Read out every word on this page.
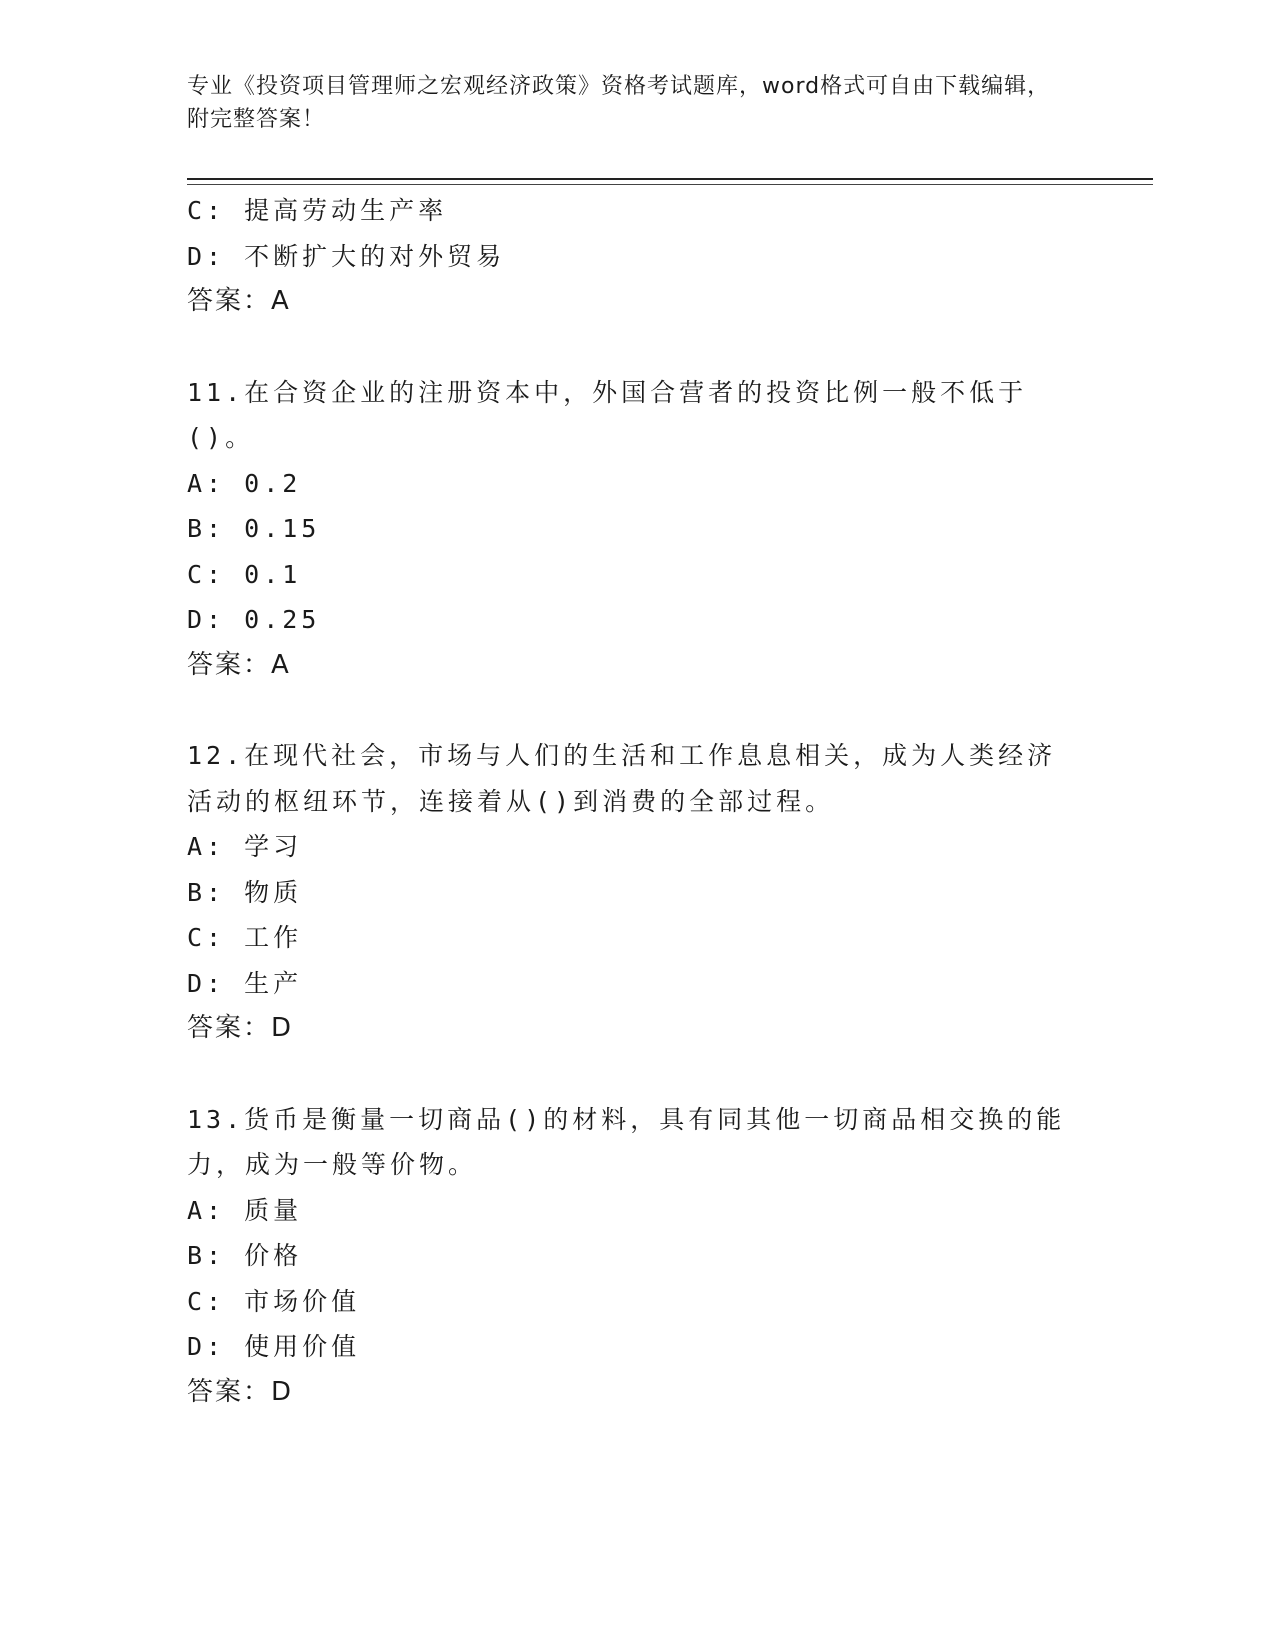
专业《投资项目管理师之宏观经济政策》资格考试题库，word格式可自由下载编辑，附完整答案！
C: 提高劳动生产率
D: 不断扩大的对外贸易
答案：A
11.在合资企业的注册资本中，外国合营者的投资比例一般不低于()。
A: 0.2
B: 0.15
C: 0.1
D: 0.25
答案：A
12.在现代社会，市场与人们的生活和工作息息相关，成为人类经济活动的枢纽环节，连接着从()到消费的全部过程。
A: 学习
B: 物质
C: 工作
D: 生产
答案：D
13.货币是衡量一切商品()的材料，具有同其他一切商品相交换的能力，成为一般等价物。
A: 质量
B: 价格
C: 市场价值
D: 使用价值
答案：D
